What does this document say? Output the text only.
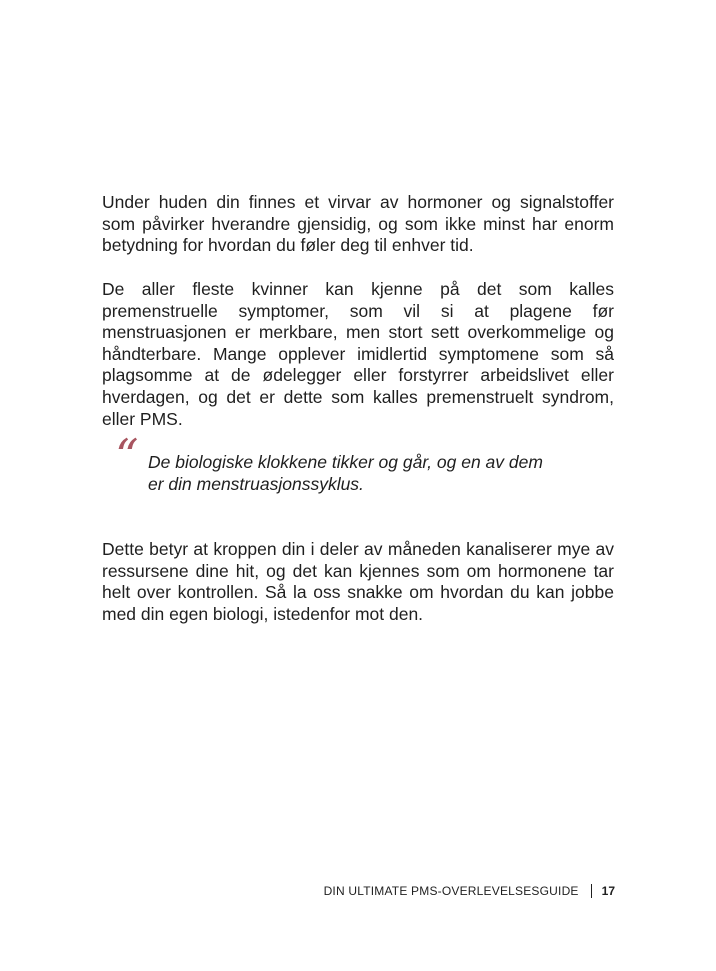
Under huden din finnes et virvar av hormoner og signalstoffer som påvirker hverandre gjensidig, og som ikke minst har enorm betydning for hvordan du føler deg til enhver tid.

De aller fleste kvinner kan kjenne på det som kalles premenstruelle symptomer, som vil si at plagene før menstruasjonen er merkbare, men stort sett overkommelige og håndterbare. Mange opplever imidlertid symptomene som så plagsomme at de ødelegger eller forstyrrer arbeidslivet eller hverdagen, og det er dette som kalles premenstruelt syndrom, eller PMS.

“ De biologiske klokkene tikker og går, og en av dem
er din menstruasjonssyklus.

Dette betyr at kroppen din i deler av måneden kanaliserer mye av ressursene dine hit, og det kan kjennes som om hormonene tar helt over kontrollen. Så la oss snakke om hvordan du kan jobbe med din egen biologi, istedenfor mot den.

DIN ULTIMATE PMS-OVERLEVELSESGUIDE 17
